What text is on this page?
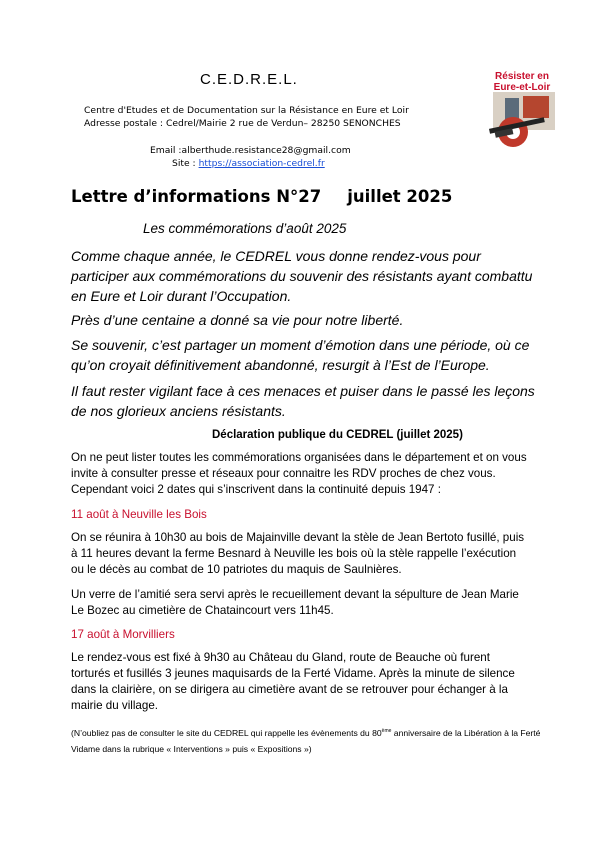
C.E.D.R.E.L.
Centre d'Etudes et de Documentation sur la Résistance en Eure et Loir
Adresse postale : Cedrel/Mairie 2 rue de Verdun– 28250 SENONCHES
Email :alberthude.resistance28@gmail.com
Site : https://association-cedrel.fr
Résister en
Eure-et-Loir
Lettre d’informations N°27 juillet 2025
Les commémorations d’août 2025
Comme chaque année, le CEDREL vous donne rendez-vous pour participer aux commémorations du souvenir des résistants ayant combattu en Eure et Loir durant l’Occupation.
Près d’une centaine a donné sa vie pour notre liberté.
Se souvenir, c’est partager un moment d’émotion dans une période, où ce qu’on croyait définitivement abandonné, resurgit à l’Est de l’Europe.
Il faut rester vigilant face à ces menaces et puiser dans le passé les leçons de nos glorieux anciens résistants.
Déclaration publique du CEDREL (juillet 2025)
On ne peut lister toutes les commémorations organisées dans le département et on vous invite à consulter presse et réseaux pour connaitre les RDV proches de chez vous. Cependant voici 2 dates qui s’inscrivent dans la continuité depuis 1947 :
11 août à Neuville les Bois
On se réunira à 10h30 au bois de Majainville devant la stèle de Jean Bertoto fusillé, puis à 11 heures devant la ferme Besnard à Neuville les bois où la stèle rappelle l’exécution ou le décès au combat de 10 patriotes du maquis de Saulnières.
Un verre de l’amitié sera servi après le recueillement devant la sépulture de Jean Marie Le Bozec au cimetière de Chataincourt vers 11h45.
17 août à Morvilliers
Le rendez-vous est fixé à 9h30 au Château du Gland, route de Beauche où furent torturés et fusillés 3 jeunes maquisards de la Ferté Vidame. Après la minute de silence dans la clairière, on se dirigera au cimetière avant de se retrouver pour échanger à la mairie du village.
(N’oubliez pas de consulter le site du CEDREL qui rappelle les évènements du 80ème anniversaire de la Libération à la Ferté Vidame dans la rubrique « Interventions » puis « Expositions »)
